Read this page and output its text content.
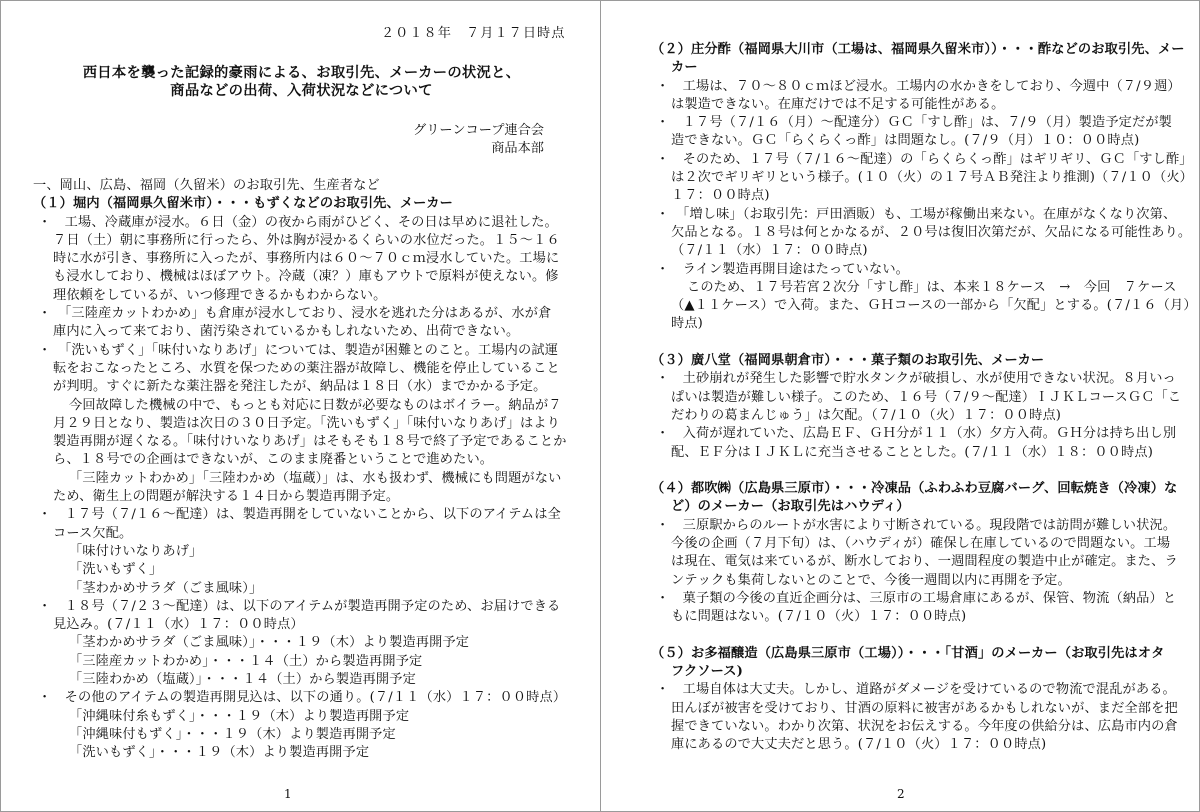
２０１８年　７月１７日時点
西日本を襲った記録的豪雨による、お取引先、メーカーの状況と、
商品などの出荷、入荷状況などについて
グリーンコープ連合会
商品本部
一、岡山、広島、福岡（久留米）のお取引先、生産者など
（１）堀内（福岡県久留米市）・・・もずくなどのお取引先、メーカー
・　工場、冷蔵庫が浸水。６日（金）の夜から雨がひどく、その日は早めに退社した。
７日（土）朝に事務所に行ったら、外は胸が浸かるくらいの水位だった。１５～１６
時に水が引き、事務所に入ったが、事務所内は６０～７０ｃｍ浸水していた。工場に
も浸水しており、機械はほぼアウト。冷蔵（凍？）庫もアウトで原料が使えない。修
理依頼をしているが、いつ修理できるかもわからない。
・　「三陸産カットわかめ」も倉庫が浸水しており、浸水を逃れた分はあるが、水が倉
庫内に入って来ており、菌汚染されているかもしれないため、出荷できない。
・　「洗いもずく」「味付いなりあげ」については、製造が困難とのこと。工場内の試運
転をおこなったところ、水質を保つための薬注器が故障し、機能を停止していること
が判明。すぐに新たな薬注器を発注したが、納品は１８日（水）までかかる予定。
今回故障した機械の中で、もっとも対応に日数が必要なものはボイラー。納品が７
月２９日となり、製造は次日の３０日予定。「洗いもずく」「味付いなりあげ」はより
製造再開が遅くなる。「味付けいなりあげ」はそもそも１８号で終了予定であることか
ら、１８号での企画はできないが、このまま廃番ということで進めたい。
「三陸カットわかめ」「三陸わかめ（塩蔵）」は、水も扱わず、機械にも問題がない
ため、衛生上の問題が解決する１４日から製造再開予定。
・　１７号（７/１６～配達）は、製造再開をしていないことから、以下のアイテムは全
コース欠配。
「味付けいなりあげ」
「洗いもずく」
「茎わかめサラダ（ごま風味）」
・　１８号（７/２３～配達）は、以下のアイテムが製造再開予定のため、お届けできる
見込み。(７/１１（水）１７：００時点）
「茎わかめサラダ（ごま風味）」・・・１９（木）より製造再開予定
「三陸産カットわかめ」・・・１４（土）から製造再開予定
「三陸わかめ（塩蔵）」・・・１４（土）から製造再開予定
・　その他のアイテムの製造再開見込は、以下の通り。(７/１１（水）１７：００時点）
「沖縄味付糸もずく」・・・１９（木）より製造再開予定
「沖縄味付もずく」・・・１９（木）より製造再開予定
「洗いもずく」・・・１９（木）より製造再開予定
1
（２）庄分酢（福岡県大川市（工場は、福岡県久留米市））・・・酢などのお取引先、メー
カー
・　工場は、７０～８０ｃｍほど浸水。工場内の水かきをしており、今週中（７/９週）
は製造できない。在庫だけでは不足する可能性がある。
・　１７号（７/１６（月）～配達分）ＧＣ「すし酢」は、７/９（月）製造予定だが製
造できない。ＧＣ「らくらくっ酢」は問題なし。(７/９（月）１０：００時点)
・　そのため、１７号（７/１６～配達）の「らくらくっ酢」はギリギリ、ＧＣ「すし酢」
は２次でギリギリという様子。(１０（火）の１７号ＡＢ発注より推測)（７/１０（火）
１７：００時点)
・　「増し味」（お取引先：戸田酒販）も、工場が稼働出来ない。在庫がなくなり次第、
欠品となる。１８号は何とかなるが、２０号は復旧次第だが、欠品になる可能性あり。
（７/１１（水）１７：００時点)
・　ライン製造再開目途はたっていない。
このため、１７号若宮２次分「すし酢」は、本来１８ケース　→　今回　７ケース
（▲１１ケース）で入荷。また、ＧＨコースの一部から「欠配」とする。(７/１６（月）
時点)
（３）廣八堂（福岡県朝倉市）・・・菓子類のお取引先、メーカー
・　土砂崩れが発生した影響で貯水タンクが破損し、水が使用できない状況。８月いっ
ぱいは製造が難しい様子。このため、１６号（７/９～配達）ＩＪＫＬコースＧＣ「こ
だわりの葛まんじゅう」は欠配。（７/１０（火）１７：００時点)
・　入荷が遅れていた、広島ＥＦ、ＧＨ分が１１（水）夕方入荷。ＧＨ分は持ち出し別
配、ＥＦ分はＩＪＫＬに充当させることとした。(７/１１（水）１８：００時点)
（４）都吹㈱（広島県三原市）・・・冷凍品（ふわふわ豆腐バーグ、回転焼き（冷凍）な
ど）のメーカー（お取引先はハウディ）
・　三原駅からのルートが水害により寸断されている。現段階では訪問が難しい状況。
今後の企画（７月下旬）は、（ハウディが）確保し在庫しているので問題ない。工場
は現在、電気は来ているが、断水しており、一週間程度の製造中止が確定。また、ラ
ンテックも集荷しないとのことで、今後一週間以内に再開を予定。
・　菓子類の今後の直近企画分は、三原市の工場倉庫にあるが、保管、物流（納品）と
もに問題はない。(７/１０（火）１７：００時点)
（５）お多福醸造（広島県三原市（工場））・・・「甘酒」のメーカー（お取引先はオタ
フクソース)
・　工場自体は大丈夫。しかし、道路がダメージを受けているので物流で混乱がある。
田んぼが被害を受けており、甘酒の原料に被害があるかもしれないが、まだ全部を把
握できていない。わかり次第、状況をお伝えする。今年度の供給分は、広島市内の倉
庫にあるので大丈夫だと思う。(７/１０（火）１７：００時点)
2
